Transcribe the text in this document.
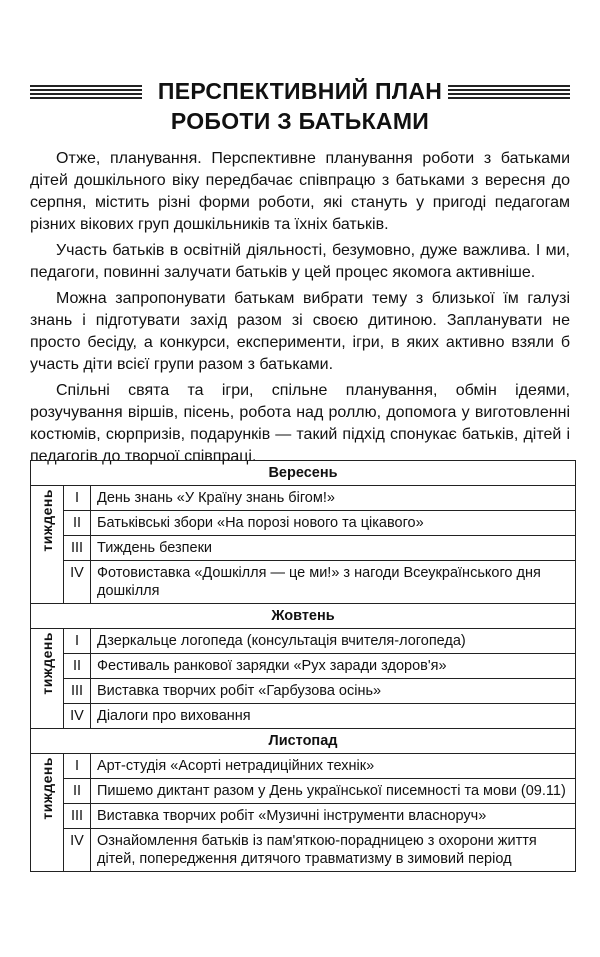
ПЕРСПЕКТИВНИЙ ПЛАН
РОБОТИ З БАТЬКАМИ

Отже, планування. Перспективне планування роботи з батьками дітей дошкільного віку передбачає співпрацю з батьками з вересня до серпня, містить різні форми роботи, які стануть у пригоді педагогам різних вікових груп дошкільників та їхніх батьків.

Участь батьків в освітній діяльності, безумовно, дуже важлива. І ми, педагоги, повинні залучати батьків у цей процес якомога активніше.

Можна запропонувати батькам вибрати тему з близької їм галузі знань і підготувати захід разом зі своєю дитиною. Запланувати не просто бесіду, а конкурси, експерименти, ігри, в яких активно взяли б участь діти всієї групи разом з батьками.

Спільні свята та ігри, спільне планування, обмін ідеями, розучування віршів, пісень, робота над роллю, допомога у виготовленні костюмів, сюрпризів, подарунків — такий підхід спонукає батьків, дітей і педагогів до творчої співпраці.

Вересень		
тиждень	I	День знань «У Країну знань бігом!»
	II	Батьківські збори «На порозі нового та цікавого»
	III	Тиждень безпеки
	IV	Фотовиставка «Дошкілля — це ми!» з нагоди Всеукраїнського дня дошкілля
Жовтень		
тиждень	I	Дзеркальце логопеда (консультація вчителя-логопеда)
	II	Фестиваль ранкової зарядки «Рух заради здоров'я»
	III	Виставка творчих робіт «Гарбузова осінь»
	IV	Діалоги про виховання
Листопад		
тиждень	I	Арт-студія «Асорті нетрадиційних технік»
	II	Пишемо диктант разом у День української писемності та мови (09.11)
	III	Виставка творчих робіт «Музичні інструменти власноруч»
	IV	Ознайомлення батьків із пам'яткою-порадницею з охорони життя дітей, попередження дитячого травматизму в зимовий період
